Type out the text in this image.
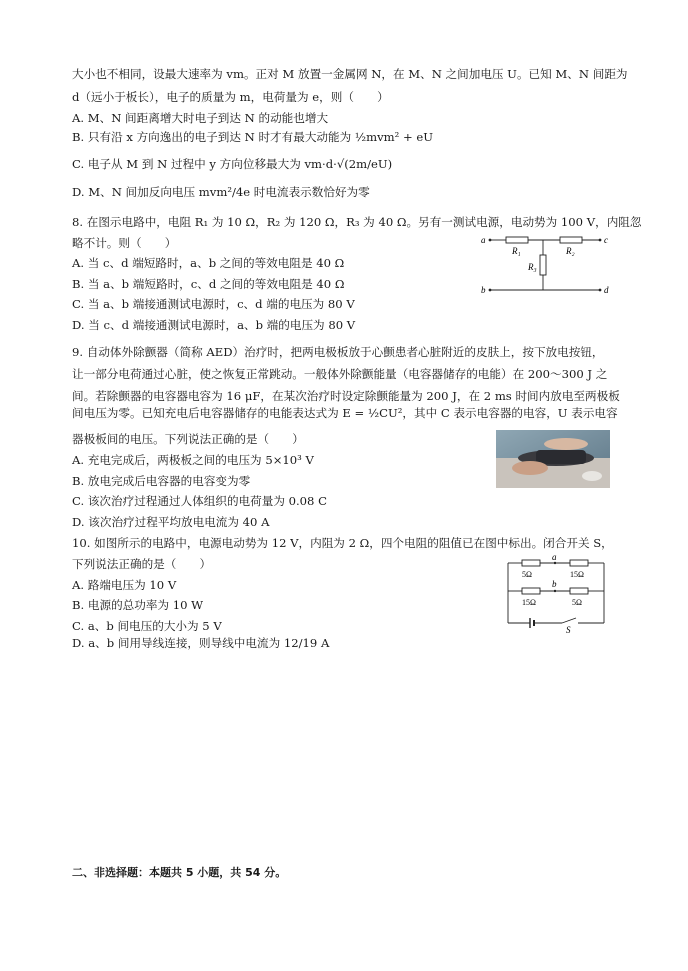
大小也不相同，设最大速率为 vm。正对 M 放置一金属网 N，在 M、N 之间加电压 U。已知 M、N 间距为
d（远小于板长），电子的质量为 m，电荷量为 e，则（　　）
A. M、N 间距离增大时电子到达 N 的动能也增大
B. 只有沿 x 方向逸出的电子到达 N 时才有最大动能为 ½mvm² + eU
C. 电子从 M 到 N 过程中 y 方向位移最大为 vm·d·√(2m/eU)
D. M、N 间加反向电压 mvm²/4e 时电流表示数恰好为零
8. 在图示电路中，电阻 R₁ 为 10 Ω，R₂ 为 120 Ω，R₃ 为 40 Ω。另有一测试电源，电动势为 100 V，内阻忽
略不计。则（　　）
A. 当 c、d 端短路时，a、b 之间的等效电阻是 40 Ω
B. 当 a、b 端短路时，c、d 之间的等效电阻是 40 Ω
C. 当 a、b 端接通测试电源时，c、d 端的电压为 80 V
D. 当 c、d 端接通测试电源时，a、b 端的电压为 80 V
a	c
b	d
R₁	R₂
R₃
9. 自动体外除颤器（简称 AED）治疗时，把两电极板放于心颤患者心脏附近的皮肤上，按下放电按钮，
让一部分电荷通过心脏，使之恢复正常跳动。一般体外除颤能量（电容器储存的电能）在 200～300 J 之
间。若除颤器的电容器电容为 16 μF，在某次治疗时设定除颤能量为 200 J，在 2 ms 时间内放电至两极板
间电压为零。已知充电后电容器储存的电能表达式为 E = ½CU²，其中 C 表示电容器的电容，U 表示电容
器极板间的电压。下列说法正确的是（　　）
A. 充电完成后，两极板之间的电压为 5×10³ V
B. 放电完成后电容器的电容变为零
C. 该次治疗过程通过人体组织的电荷量为 0.08 C
D. 该次治疗过程平均放电电流为 40 A
10. 如图所示的电路中，电源电动势为 12 V，内阻为 2 Ω，四个电阻的阻值已在图中标出。闭合开关 S，
下列说法正确的是（　　）
A. 路端电压为 10 V
B. 电源的总功率为 10 W
C. a、b 间电压的大小为 5 V
D. a、b 间用导线连接，则导线中电流为 12/19 A
5Ω	15Ω
15Ω	5Ω
a
b
S
二、非选择题：本题共 5 小题，共 54 分。
